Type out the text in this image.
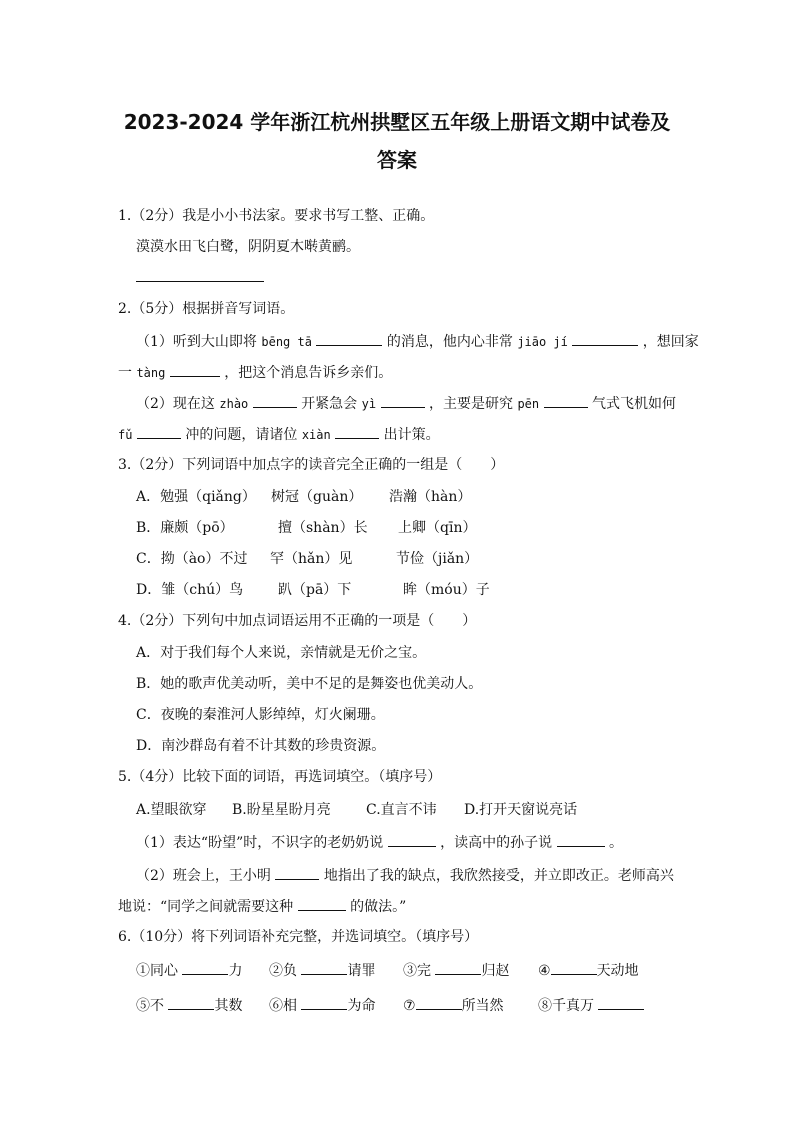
2023-2024 学年浙江杭州拱墅区五年级上册语文期中试卷及
答案
1.（2分）我是小小书法家。要求书写工整、正确。
漠漠水田飞白鹭，阴阴夏木啭黄鹂。
2.（5分）根据拼音写词语。
（1）听到大山即将 bēng tā	的消息，他内心非常 jiāo jí	，想回家
一 tàng	，把这个消息告诉乡亲们。
（2）现在这 zhào	开紧急会 yì	，主要是研究 pēn	气式飞机如何
fǔ	冲的问题，请诸位 xiàn	出计策。
3.（2分）下列词语中加点字的读音完全正确的一组是（　　）
A．勉强（qiǎng） 树冠（guàn） 浩瀚（hàn）
B．廉颇（pō）	擅（shàn）长 上卿（qīn）
C．拗（ào）不过 罕（hǎn）见	节俭（jiǎn）
D．雏（chú）鸟 趴（pā）下	眸（móu）子
4.（2分）下列句中加点词语运用不正确的一项是（　　）
A．对于我们每个人来说，亲情就是无价之宝。
B．她的歌声优美动听，美中不足的是舞姿也优美动人。
C．夜晚的秦淮河人影绰绰，灯火阑珊。
D．南沙群岛有着不计其数的珍贵资源。
5.（4分）比较下面的词语，再选词填空。（填序号）
A.望眼欲穿 B.盼星星盼月亮	C.直言不讳 D.打开天窗说亮话
（1）表达“盼望”时，不识字的老奶奶说	，读高中的孙子说	。
（2）班会上，王小明	地指出了我的缺点，我欣然接受，并立即改正。老师高兴
地说：“同学之间就需要这种	的做法。”
6.（10分）将下列词语补充完整，并选词填空。（填序号）
①同心	力 ②负	请罪 ③完	归赵 ④	天动地
⑤不	其数 ⑥相	为命 ⑦	所当然 ⑧千真万
